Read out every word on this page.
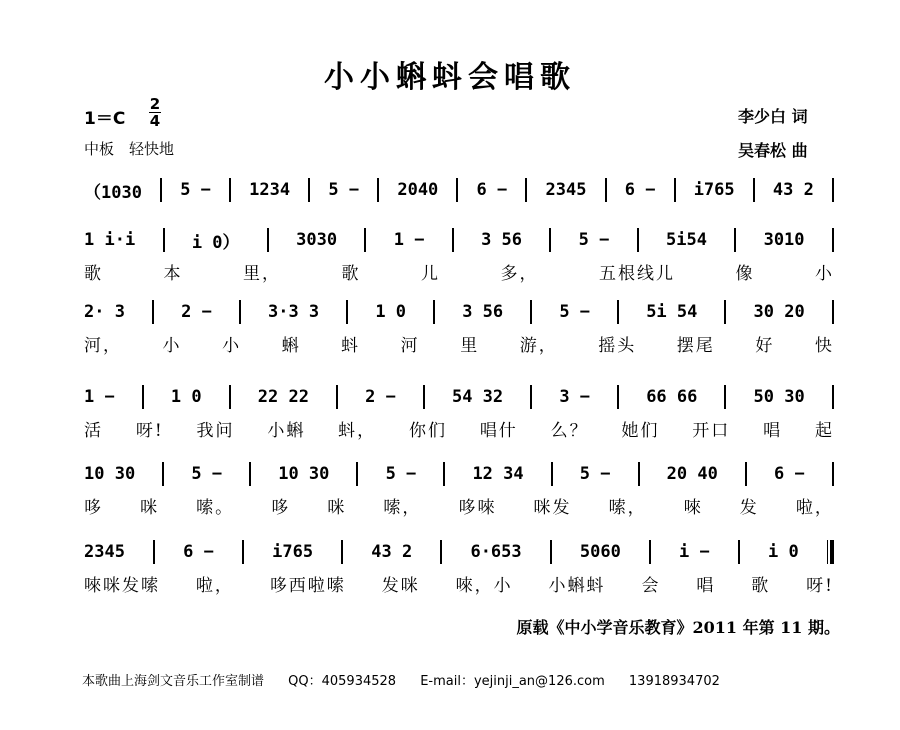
小小蝌蚪会唱歌
1＝C
2
4
中板　轻快地
李少白 词
吴春松 曲
（1030 5 − 1234 5 − 2040 6 − 2345 6 − i765 43 2
1 i·i	i 0）	3030	1 −	3 56	5 −	5i54	3010
歌	本	里，	歌	儿	多，	五根线儿	像	小
2· 3	2 −	3·3 3	1 0	3 56	5 −	5i 54	30 20
河， 小 小 蝌 蚪 河 里 游， 摇头 摆尾 好 快
1 −	1 0	22 22	2 −	54 32	3 −	66 66	50 30
活 呀! 我问 小蝌 蚪， 你们 唱什 么？ 她们 开口 唱 起
10 30	5 −	10 30	5 −	12 34	5 −	20 40	6 −
哆 咪 嗦。 哆 咪 嗦， 哆唻 咪发 嗦， 唻 发 啦，
2345	6 −	i765	43 2	6·653	5060	i −	i 0
唻咪发嗦 啦， 哆西啦嗦 发咪 唻，小 小蝌蚪 会 唱 歌 呀!
原载《中小学音乐教育》2011 年第 11 期。
本歌曲上海剑文音乐工作室制谱 QQ：405934528 E-mail：yejinji_an@126.com 13918934702
